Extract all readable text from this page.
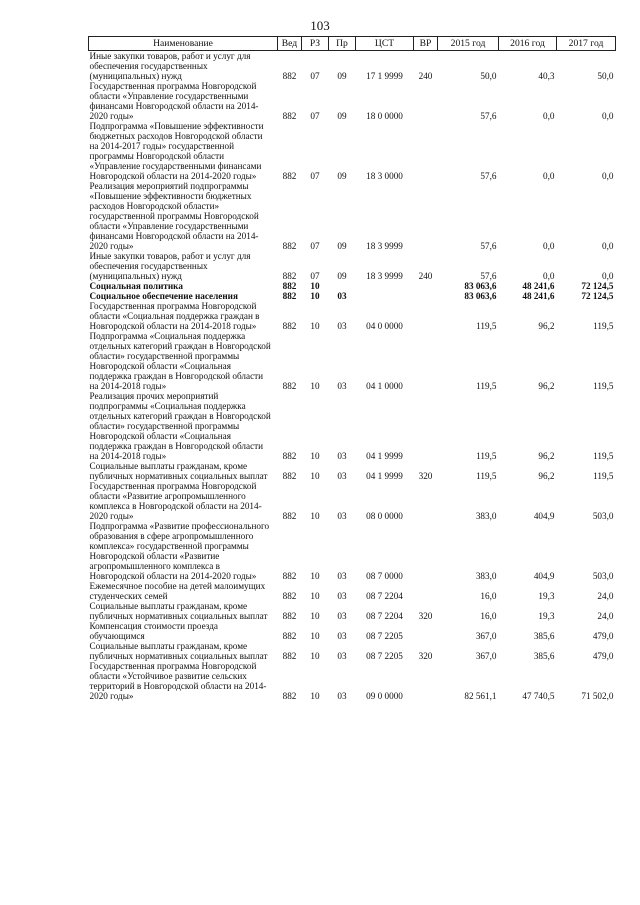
103
Наименование	Вед	РЗ	Пр	ЦСТ	ВР	2015 год	2016 год	2017 год
Иные закупки товаров, работ и услуг для обеспечения государственных (муниципальных) нужд	882	07	09	17 1 9999	240	50,0	40,3	50,0
Государственная программа Новгородской области «Управление государственными финансами Новгородской области на 2014-2020 годы»	882	07	09	18 0 0000		57,6	0,0	0,0
Подпрограмма «Повышение эффективности бюджетных расходов Новгородской области на 2014-2017 годы» государственной программы Новгородской области «Управление государственными финансами Новгородской области на 2014-2020 годы»	882	07	09	18 3 0000		57,6	0,0	0,0
Реализация мероприятий подпрограммы «Повышение эффективности бюджетных расходов Новгородской области» государственной программы Новгородской области «Управление государственными финансами Новгородской области на 2014-2020 годы»	882	07	09	18 3 9999		57,6	0,0	0,0
Иные закупки товаров, работ и услуг для обеспечения государственных (муниципальных) нужд	882	07	09	18 3 9999	240	57,6	0,0	0,0
Социальная политика	882	10				83 063,6	48 241,6	72 124,5
Социальное обеспечение населения	882	10	03			83 063,6	48 241,6	72 124,5
Государственная программа Новгородской области «Социальная поддержка граждан в Новгородской области на 2014-2018 годы»	882	10	03	04 0 0000		119,5	96,2	119,5
Подпрограмма «Социальная поддержка отдельных категорий граждан в Новгородской области» государственной программы Новгородской области «Социальная поддержка граждан в Новгородской области на 2014-2018 годы»	882	10	03	04 1 0000		119,5	96,2	119,5
Реализация прочих мероприятий подпрограммы «Социальная поддержка отдельных категорий граждан в Новгородской области» государственной программы Новгородской области «Социальная поддержка граждан в Новгородской области на 2014-2018 годы»	882	10	03	04 1 9999		119,5	96,2	119,5
Социальные выплаты гражданам, кроме публичных нормативных социальных выплат	882	10	03	04 1 9999	320	119,5	96,2	119,5
Государственная программа Новгородской области «Развитие агропромышленного комплекса в Новгородской области на 2014-2020 годы»	882	10	03	08 0 0000		383,0	404,9	503,0
Подпрограмма «Развитие профессионального образования в сфере агропромышленного комплекса» государственной программы Новгородской области «Развитие агропромышленного комплекса в Новгородской области на 2014-2020 годы»	882	10	03	08 7 0000		383,0	404,9	503,0
Ежемесячное пособие на детей малоимущих студенческих семей	882	10	03	08 7 2204		16,0	19,3	24,0
Социальные выплаты гражданам, кроме публичных нормативных социальных выплат	882	10	03	08 7 2204	320	16,0	19,3	24,0
Компенсация стоимости проезда обучающимся	882	10	03	08 7 2205		367,0	385,6	479,0
Социальные выплаты гражданам, кроме публичных нормативных социальных выплат	882	10	03	08 7 2205	320	367,0	385,6	479,0
Государственная программа Новгородской области «Устойчивое развитие сельских территорий в Новгородской области на 2014-2020 годы»	882	10	03	09 0 0000		82 561,1	47 740,5	71 502,0
